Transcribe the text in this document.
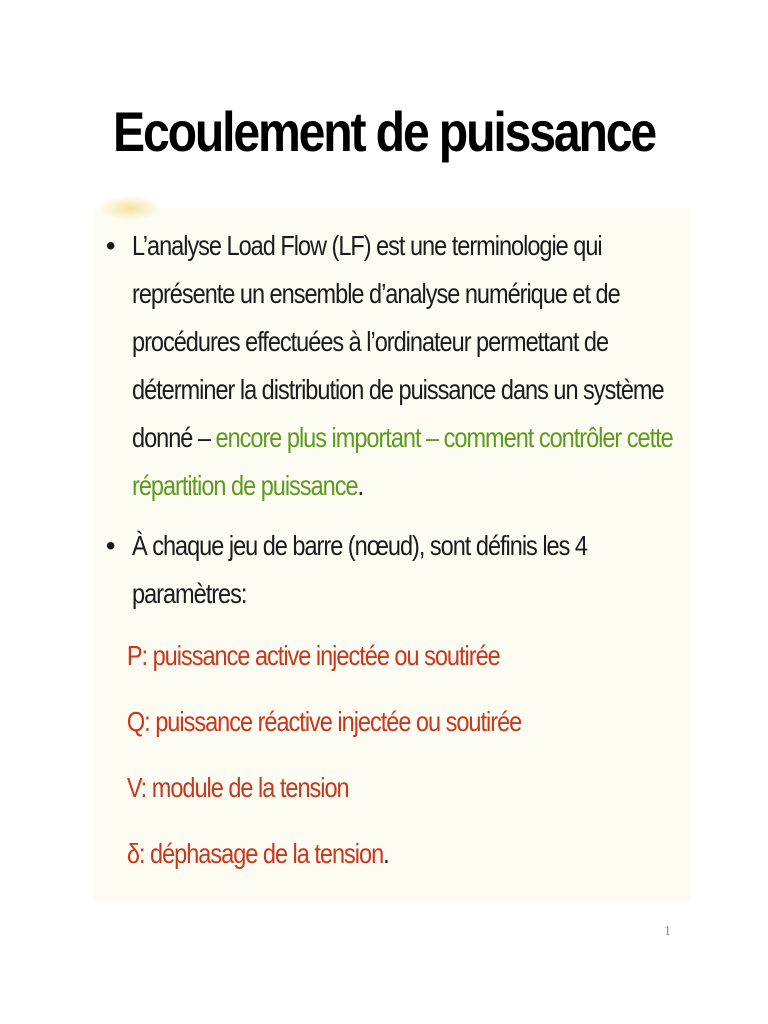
Ecoulement de puissance
• L’analyse Load Flow (LF) est une terminologie qui
représente un ensemble d’analyse numérique et de
procédures effectuées à l’ordinateur permettant de
déterminer la distribution de puissance dans un système
donné – encore plus important – comment contrôler cette
répartition de puissance.
• À chaque jeu de barre (nœud), sont définis les 4
paramètres:
P: puissance active injectée ou soutirée
Q: puissance réactive injectée ou soutirée
V: module de la tension
δ: déphasage de la tension.
1
